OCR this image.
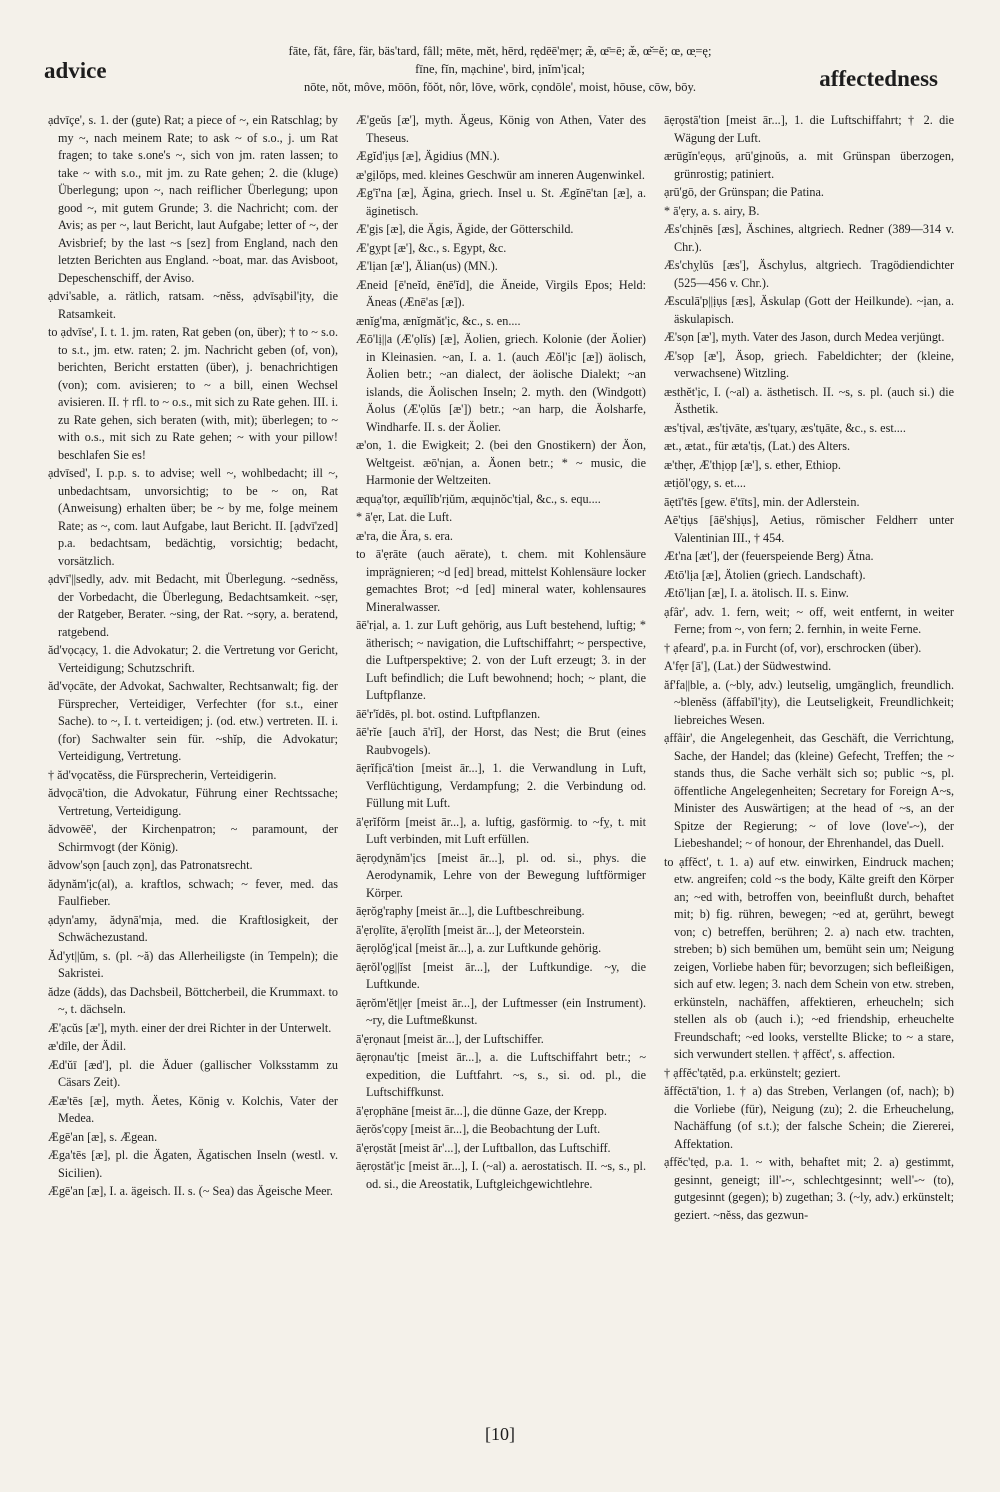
advice
fāte, făt, fâre, fär, bäs'tard, fâll; mēte, mĕt, hērd, rędēē'mẹr; æ̃, œ̄=ē; æ̆, œ̆=ĕ; œ, œ̣=ę;
fīne, fĭn, mạchine', bird, ịnĭm'ịcal;
nōte, nŏt, môve, mōōn, fŏŏt, nôr, lōve, wōrk, cọndōle', moist, hōuse, cōw, bōy.	affectedness

ạdvīçe', s. 1. der (gute) Rat; a piece of ~, ein Ratschlag; by my ~, nach meinem Rate; to ask ~ of s.o., j. um Rat fragen; to take s.one's ~, sich von jm. raten lassen; to take ~ with s.o., mit jm. zu Rate gehen; 2. die (kluge) Überlegung; upon ~, nach reiflicher Überlegung; upon good ~, mit gutem Grunde; 3. die Nachricht; com. der Avis; as per ~, laut Bericht, laut Aufgabe; letter of ~, der Avisbrief; by the last ~s [sez] from England, nach den letzten Berichten aus England. ~boat, mar. das Avisboot, Depeschenschiff, der Aviso.

ạdvi'sable, a. rätlich, ratsam. ~nĕss, ạdvīsạbil'ịty, die Ratsamkeit.

to ạdvīse', I. t. 1. jm. raten, Rat geben (on, über); † to ~ s.o. to s.t., jm. etw. raten; 2. jm. Nachricht geben (of, von), berichten, Bericht erstatten (über), j. benachrichtigen (von); com. avisieren; to ~ a bill, einen Wechsel avisieren. II. † rfl. to ~ o.s., mit sich zu Rate gehen. III. i. zu Rate gehen, sich beraten (with, mit); überlegen; to ~ with o.s., mit sich zu Rate gehen; ~ with your pillow! beschlafen Sie es!

ạdvīsed', I. p.p. s. to advise; well ~, wohlbedacht; ill ~, unbedachtsam, unvorsichtig; to be ~ on, Rat (Anweisung) erhalten über; be ~ by me, folge meinem Rate; as ~, com. laut Aufgabe, laut Bericht. II. [ạdvī'zed] p.a. bedachtsam, bedächtig, vorsichtig; bedacht, vorsätzlich.

ạdvī'||sedly, adv. mit Bedacht, mit Überlegung. ~sednĕss, der Vorbedacht, die Überlegung, Bedachtsamkeit. ~sẹr, der Ratgeber, Berater. ~sing, der Rat. ~sọry, a. beratend, ratgebend.

ăd'vọcạcy, 1. die Advokatur; 2. die Vertretung vor Gericht, Verteidigung; Schutzschrift.

ăd'vọcāte, der Advokat, Sachwalter, Rechtsanwalt; fig. der Fürsprecher, Verteidiger, Verfechter (for s.t., einer Sache). to ~, I. t. verteidigen; j. (od. etw.) vertreten. II. i. (for) Sachwalter sein für. ~shĭp, die Advokatur; Verteidigung, Vertretung.

† ăd'vọcatĕss, die Fürsprecherin, Verteidigerin.

ădvọcā'tion, die Advokatur, Führung einer Rechtssache; Vertretung, Verteidigung.

ădvowēē', der Kirchenpatron; ~ paramount, der Schirmvogt (der König).

ădvow'sọn [auch zọn], das Patronatsrecht.

ădynăm'ịc(al), a. kraftlos, schwach; ~ fever, med. das Faulfieber.

ạdyn'amy, ădynā'mịa, med. die Kraftlosigkeit, der Schwächezustand.

Ăd'yt||ŭm, s. (pl. ~ă) das Allerheiligste (in Tempeln); die Sakristei.

ădze (ădds), das Dachsbeil, Böttcherbeil, die Krummaxt. to ~, t. dächseln.

Æ'ạcŭs [æ'], myth. einer der drei Richter in der Unterwelt.

æ'dīle, der Ädil.

Æd'ŭī [æd'], pl. die Äduer (gallischer Volksstamm zu Cäsars Zeit).

Ææ'tēs [æ], myth. Äetes, König v. Kolchis, Vater der Medea.

Ægē'an [æ], s. Ægean.

Æga'tēs [æ], pl. die Ägaten, Ägatischen Inseln (westl. v. Sicilien).

Ægē'an [æ], I. a. ägeisch. II. s. (~ Sea) das Ägeische Meer.

Æ'geŭs [æ'], myth. Ägeus, König von Athen, Vater des Theseus.

Ægĭd'ịụs [æ], Ägidius (MN.).

æ'gịlŏps, med. kleines Geschwür am inneren Augenwinkel.

Æg'ĭ'na [æ], Ägina, griech. Insel u. St. Ægĭnē'tan [æ], a. äginetisch.

Æ'gịs [æ], die Ägis, Ägide, der Götterschild.

Æ'gỵpt [æ'], &c., s. Egypt, &c.

Æ'lịan [æ'], Älian(us) (MN.).

Æneid [ē'neĭd, ēnē'ĭd], die Äneide, Virgils Epos; Held: Äneas (Ænē'as [æ]).

ænĭg'ma, ænĭgmăt'ịc, &c., s. en....

Æō'lị||a (Æ'ọlĭs) [æ], Äolien, griech. Kolonie (der Äolier) in Kleinasien. ~an, I. a. 1. (auch Æŏl'ịc [æ]) äolisch, Äolien betr.; ~an dialect, der äolische Dialekt; ~an islands, die Äolischen Inseln; 2. myth. den (Windgott) Äolus (Æ'ọlŭs [æ']) betr.; ~an harp, die Äolsharfe, Windharfe. II. s. der Äolier.

æ'on, 1. die Ewigkeit; 2. (bei den Gnostikern) der Äon, Weltgeist. æō'nịan, a. Äonen betr.; * ~ music, die Harmonie der Weltzeiten.

æquạ'tọr, æquĭlĭb'rịŭm, æquịnŏc'tịal, &c., s. equ....

* ā'ẹr, Lat. die Luft.

æ'ra, die Ära, s. era.

to ā'ẹrāte (auch aërate), t. chem. mit Kohlensäure imprägnieren; ~d [ed] bread, mittelst Kohlensäure locker gemachtes Brot; ~d [ed] mineral water, kohlensaures Mineralwasser.

āē'rịal, a. 1. zur Luft gehörig, aus Luft bestehend, luftig; * ätherisch; ~ navigation, die Luftschiffahrt; ~ perspective, die Luftperspektive; 2. von der Luft erzeugt; 3. in der Luft befindlich; die Luft bewohnend; hoch; ~ plant, die Luftpflanze.

āē'r'ĭdēs, pl. bot. ostind. Luftpflanzen.

āē'rĭe [auch ā'rĭ], der Horst, das Nest; die Brut (eines Raubvogels).

āẹrĭfịcā'tion [meist ār...], 1. die Verwandlung in Luft, Verflüchtigung, Verdampfung; 2. die Verbindung od. Füllung mit Luft.

ā'ẹrĭfŏrm [meist ār...], a. luftig, gasförmig. to ~fỵ, t. mit Luft verbinden, mit Luft erfüllen.

āẹrọdỵnăm'ịcs [meist ār...], pl. od. si., phys. die Aerodynamik, Lehre von der Bewegung luftförmiger Körper.

āẹrŏg'raphy [meist ār...], die Luftbeschreibung.

ā'ẹrọlīte, ā'ẹrọlĭth [meist ār...], der Meteorstein.

āẹrọlŏg'ịcal [meist ār...], a. zur Luftkunde gehörig.

āẹrŏl'ọg||ĭst [meist ār...], der Luftkundige. ~y, die Luftkunde.

āẹrŏm'ĕt||ẹr [meist ār...], der Luftmesser (ein Instrument). ~ry, die Luftmeßkunst.

ā'ẹrọnaut [meist ār...], der Luftschiffer.

āẹrọnau'tịc [meist ār...], a. die Luftschiffahrt betr.; ~ expedition, die Luftfahrt. ~s, s., si. od. pl., die Luftschiffkunst.

ā'ẹrọphāne [meist ār...], die dünne Gaze, der Krepp.

āẹrŏs'cọpy [meist ār...], die Beobachtung der Luft.

ā'ẹrọstăt [meist ār'...], der Luftballon, das Luftschiff.

āẹrọstăt'ịc [meist ār...], I. (~al) a. aerostatisch. II. ~s, s., pl. od. si., die Areostatik, Luftgleichgewichtlehre.

āẹrọstā'tion [meist ār...], 1. die Luftschiffahrt; † 2. die Wägung der Luft.

ærūgĭn'eọụs, ạrū'gịnoŭs, a. mit Grünspan überzogen, grünrostig; patiniert.

ạrū'gō, der Grünspan; die Patina.

* ā'ẹry, a. s. airy, B.

Æs'chịnēs [æs], Äschines, altgriech. Redner (389—314 v. Chr.).

Æs'chỵlŭs [æs'], Äschylus, altgriech. Tragödiendichter (525—456 v. Chr.).

Æsculā'p||ịụs [æs], Äskulap (Gott der Heilkunde). ~ịan, a. äskulapisch.

Æ'sọn [æ'], myth. Vater des Jason, durch Medea verjüngt.

Æ'sọp [æ'], Äsop, griech. Fabeldichter; der (kleine, verwachsene) Witzling.

æsthĕt'ịc, I. (~al) a. ästhetisch. II. ~s, s. pl. (auch si.) die Ästhetik.

æs'tịval, æs'tịvāte, æs'tụary, æs'tụāte, &c., s. est....

æt., ætat., für æta'tịs, (Lat.) des Alters.

æ'thẹr, Æ'thịọp [æ'], s. ether, Ethiop.

ætịŏl'ọgy, s. et....

āẹtī'tēs [gew. ē'tīts], min. der Adlerstein.

Aē'tịụs [āē'shịụs], Aetius, römischer Feldherr unter Valentinian III., † 454.

Æt'na [æt'], der (feuerspeiende Berg) Ätna.

Ætō'lịa [æ], Ätolien (griech. Landschaft).

Ætō'lịan [æ], I. a. ätolisch. II. s. Einw.

ạfâr', adv. 1. fern, weit; ~ off, weit entfernt, in weiter Ferne; from ~, von fern; 2. fernhin, in weite Ferne.

† ạfeard', p.a. in Furcht (of, vor), erschrocken (über).

A'fẹr [ā'], (Lat.) der Südwestwind.

ăf'fa||ble, a. (~bly, adv.) leutselig, umgänglich, freundlich. ~blenĕss (ăffabĭl'ịty), die Leutseligkeit, Freundlichkeit; liebreiches Wesen.

ạffâir', die Angelegenheit, das Geschäft, die Verrichtung, Sache, der Handel; das (kleine) Gefecht, Treffen; the ~ stands thus, die Sache verhält sich so; public ~s, pl. öffentliche Angelegenheiten; Secretary for Foreign A~s, Minister des Auswärtigen; at the head of ~s, an der Spitze der Regierung; ~ of love (love'-~), der Liebeshandel; ~ of honour, der Ehrenhandel, das Duell.

to ạffĕct', t. 1. a) auf etw. einwirken, Eindruck machen; etw. angreifen; cold ~s the body, Kälte greift den Körper an; ~ed with, betroffen von, beeinflußt durch, behaftet mit; b) fig. rühren, bewegen; ~ed at, gerührt, bewegt von; c) betreffen, berühren; 2. a) nach etw. trachten, streben; b) sich bemühen um, bemüht sein um; Neigung zeigen, Vorliebe haben für; bevorzugen; sich befleißigen, sich auf etw. legen; 3. nach dem Schein von etw. streben, erkünsteln, nachäffen, affektieren, erheucheln; sich stellen als ob (auch i.); ~ed friendship, erheuchelte Freundschaft; ~ed looks, verstellte Blicke; to ~ a stare, sich verwundert stellen. † ạffĕct', s. affection.

† ạffĕc'tạtĕd, p.a. erkünstelt; geziert.

ăffĕctā'tion, 1. † a) das Streben, Verlangen (of, nach); b) die Vorliebe (für), Neigung (zu); 2. die Erheuchelung, Nachäffung (of s.t.); der falsche Schein; die Ziererei, Affektation.

ạffĕc'tẹd, p.a. 1. ~ with, behaftet mit; 2. a) gestimmt, gesinnt, geneigt; ill'-~, schlechtgesinnt; well'-~ (to), gutgesinnt (gegen); b) zugethan; 3. (~ly, adv.) erkünstelt; geziert. ~nĕss, das gezwun-

[10]
